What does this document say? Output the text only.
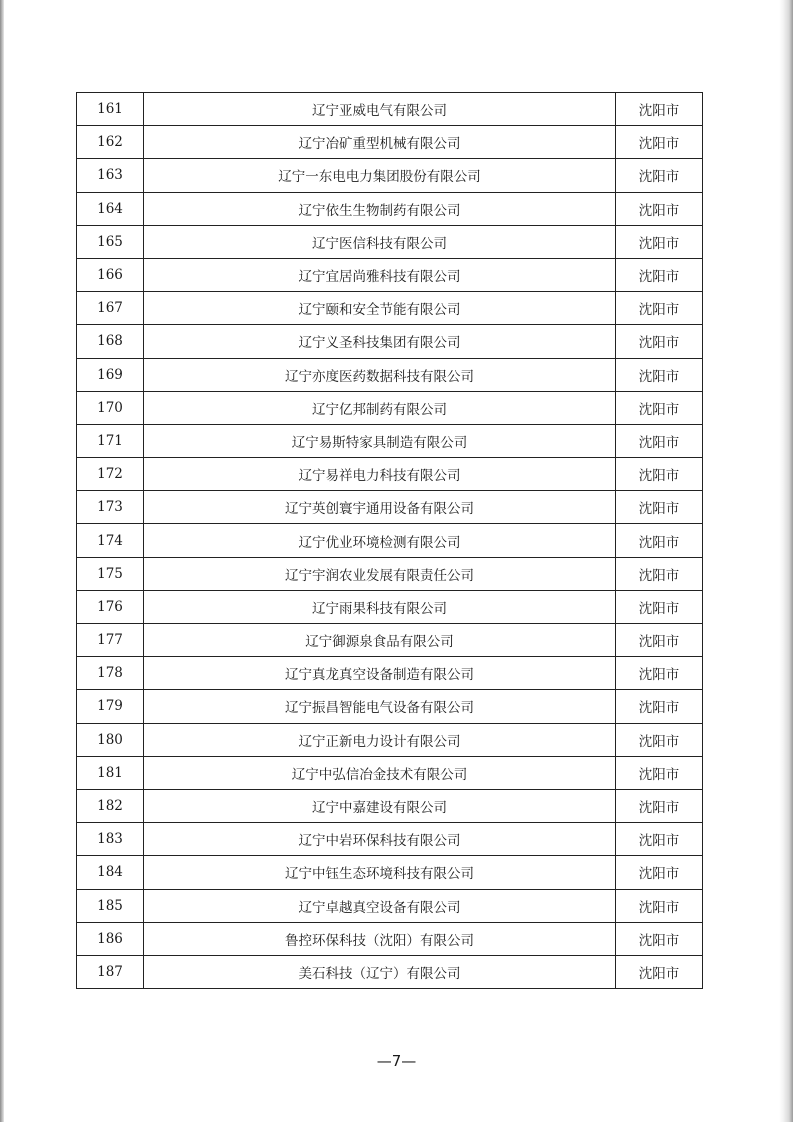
161	辽宁亚威电气有限公司	沈阳市
162	辽宁冶矿重型机械有限公司	沈阳市
163	辽宁一东电电力集团股份有限公司	沈阳市
164	辽宁依生生物制药有限公司	沈阳市
165	辽宁医信科技有限公司	沈阳市
166	辽宁宜居尚雅科技有限公司	沈阳市
167	辽宁颐和安全节能有限公司	沈阳市
168	辽宁义圣科技集团有限公司	沈阳市
169	辽宁亦度医药数据科技有限公司	沈阳市
170	辽宁亿邦制药有限公司	沈阳市
171	辽宁易斯特家具制造有限公司	沈阳市
172	辽宁易祥电力科技有限公司	沈阳市
173	辽宁英创寰宇通用设备有限公司	沈阳市
174	辽宁优业环境检测有限公司	沈阳市
175	辽宁宇润农业发展有限责任公司	沈阳市
176	辽宁雨果科技有限公司	沈阳市
177	辽宁御源泉食品有限公司	沈阳市
178	辽宁真龙真空设备制造有限公司	沈阳市
179	辽宁振昌智能电气设备有限公司	沈阳市
180	辽宁正新电力设计有限公司	沈阳市
181	辽宁中弘信冶金技术有限公司	沈阳市
182	辽宁中嘉建设有限公司	沈阳市
183	辽宁中岩环保科技有限公司	沈阳市
184	辽宁中钰生态环境科技有限公司	沈阳市
185	辽宁卓越真空设备有限公司	沈阳市
186	鲁控环保科技（沈阳）有限公司	沈阳市
187	美石科技（辽宁）有限公司	沈阳市
—7—
